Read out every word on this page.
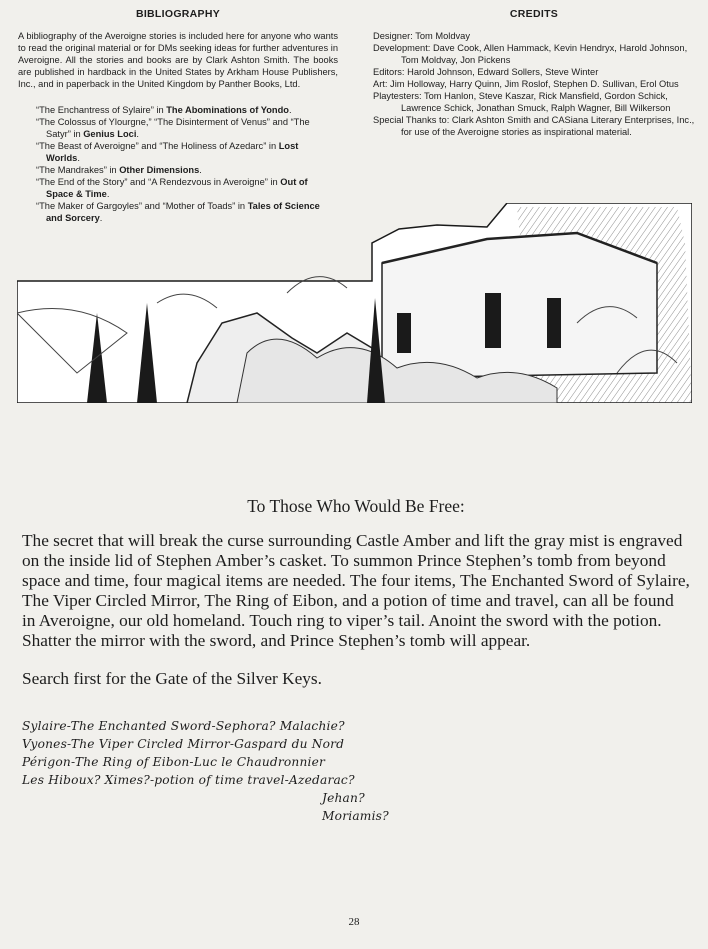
BIBLIOGRAPHY

A bibliography of the Averoigne stories is included here for anyone who wants to read the original material or for DMs seeking ideas for further adventures in Averoigne. All the stories and books are by Clark Ashton Smith. The books are published in hardback in the United States by Arkham House Publishers, Inc., and in paperback in the United Kingdom by Panther Books, Ltd.

“The Enchantress of Sylaire” in The Abominations of Yondo.
“The Colossus of Ylourgne,” “The Disinterment of Venus” and “The Satyr” in Genius Loci.
“The Beast of Averoigne” and “The Holiness of Azedarc” in Lost Worlds.
“The Mandrakes” in Other Dimensions.
“The End of the Story” and “A Rendezvous in Averoigne” in Out of Space & Time.
“The Maker of Gargoyles” and “Mother of Toads” in Tales of Science and Sorcery.
CREDITS

Designer: Tom Moldvay

Development: Dave Cook, Allen Hammack, Kevin Hendryx, Harold Johnson, Tom Moldvay, Jon Pickens

Editors: Harold Johnson, Edward Sollers, Steve Winter

Art: Jim Holloway, Harry Quinn, Jim Roslof, Stephen D. Sullivan, Erol Otus

Playtesters: Tom Hanlon, Steve Kaszar, Rick Mansfield, Gordon Schick, Lawrence Schick, Jonathan Smuck, Ralph Wagner, Bill Wilkerson

Special Thanks to: Clark Ashton Smith and CASiana Literary Enterprises, Inc., for use of the Averoigne stories as inspirational material.

To Those Who Would Be Free:

The secret that will break the curse surrounding Castle Amber and lift the gray mist is engraved on the inside lid of Stephen Amber’s casket. To summon Prince Stephen’s tomb from beyond space and time, four magical items are needed. The four items, The Enchanted Sword of Sylaire, The Viper Circled Mirror, The Ring of Eibon, and a potion of time and travel, can all be found in Averoigne, our old homeland. Touch ring to viper’s tail. Anoint the sword with the potion. Shatter the mirror with the sword, and Prince Stephen’s tomb will appear.

Search first for the Gate of the Silver Keys.

Sylaire-The Enchanted Sword-Sephora? Malachie?
Vyones-The Viper Circled Mirror-Gaspard du Nord
Périgon-The Ring of Eibon-Luc le Chaudronnier
Les Hiboux? Ximes?-potion of time travel-Azedarac?
Jehan?
Moriamis?
28
